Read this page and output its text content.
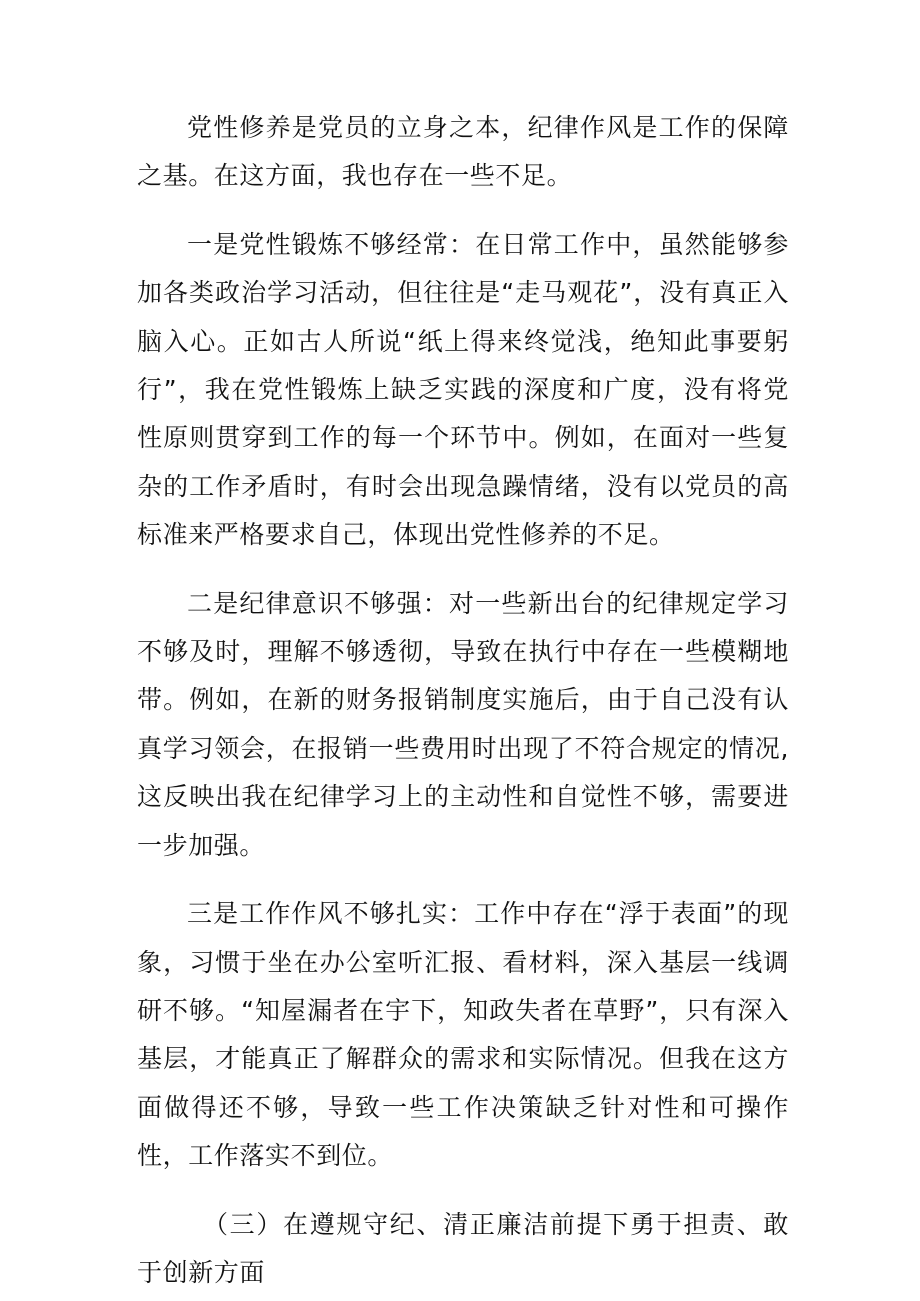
党性修养是党员的立身之本，纪律作风是工作的保障之基。在这方面，我也存在一些不足。

一是党性锻炼不够经常：在日常工作中，虽然能够参加各类政治学习活动，但往往是“走马观花”，没有真正入脑入心。正如古人所说“纸上得来终觉浅，绝知此事要躬行”，我在党性锻炼上缺乏实践的深度和广度，没有将党性原则贯穿到工作的每一个环节中。例如，在面对一些复杂的工作矛盾时，有时会出现急躁情绪，没有以党员的高标准来严格要求自己，体现出党性修养的不足。

二是纪律意识不够强：对一些新出台的纪律规定学习不够及时，理解不够透彻，导致在执行中存在一些模糊地带。例如，在新的财务报销制度实施后，由于自己没有认真学习领会，在报销一些费用时出现了不符合规定的情况,这反映出我在纪律学习上的主动性和自觉性不够，需要进一步加强。

三是工作作风不够扎实：工作中存在“浮于表面”的现象，习惯于坐在办公室听汇报、看材料，深入基层一线调研不够。“知屋漏者在宇下，知政失者在草野”，只有深入基层，才能真正了解群众的需求和实际情况。但我在这方面做得还不够，导致一些工作决策缺乏针对性和可操作性，工作落实不到位。

（三）在遵规守纪、清正廉洁前提下勇于担责、敢于创新方面
